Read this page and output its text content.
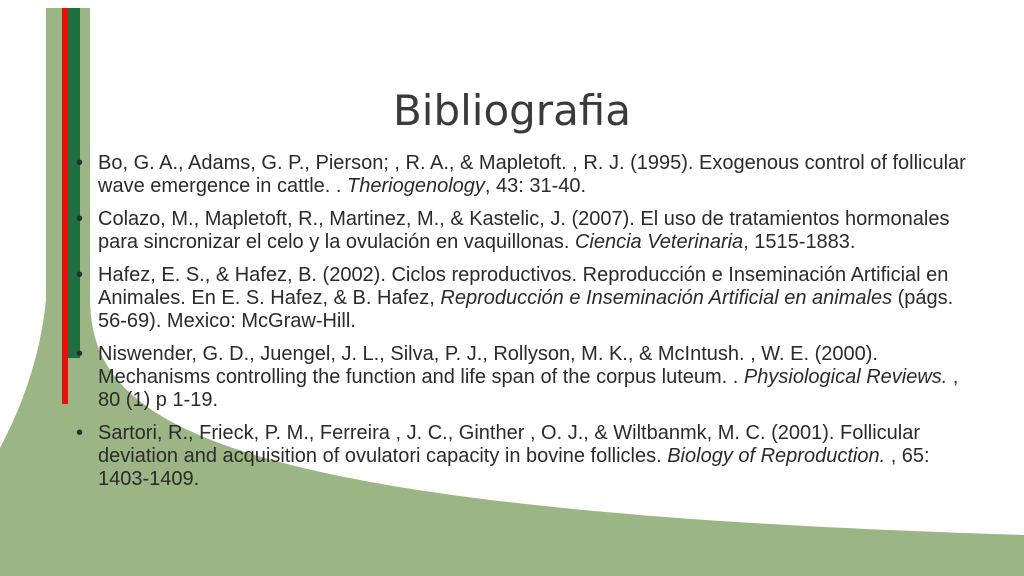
Bibliografia
• Bo, G. A., Adams, G. P., Pierson; , R. A., & Mapletoft. , R. J. (1995). Exogenous control of follicular wave emergence in cattle. . Theriogenology, 43: 31-40.
• Colazo, M., Mapletoft, R., Martinez, M., & Kastelic, J. (2007). El uso de tratamientos hormonales para sincronizar el celo y la ovulación en vaquillonas. Ciencia Veterinaria, 1515-1883.
• Hafez, E. S., & Hafez, B. (2002). Ciclos reproductivos. Reproducción e Inseminación Artificial en Animales. En E. S. Hafez, & B. Hafez, Reproducción e Inseminación Artificial en animales (págs. 56-69). Mexico: McGraw-Hill.
• Niswender, G. D., Juengel, J. L., Silva, P. J., Rollyson, M. K., & McIntush. , W. E. (2000). Mechanisms controlling the function and life span of the corpus luteum. . Physiological Reviews. , 80 (1) p 1-19.
• Sartori, R., Frieck, P. M., Ferreira , J. C., Ginther , O. J., & Wiltbanmk, M. C. (2001). Follicular deviation and acquisition of ovulatori capacity in bovine follicles. Biology of Reproduction. , 65: 1403-1409.
